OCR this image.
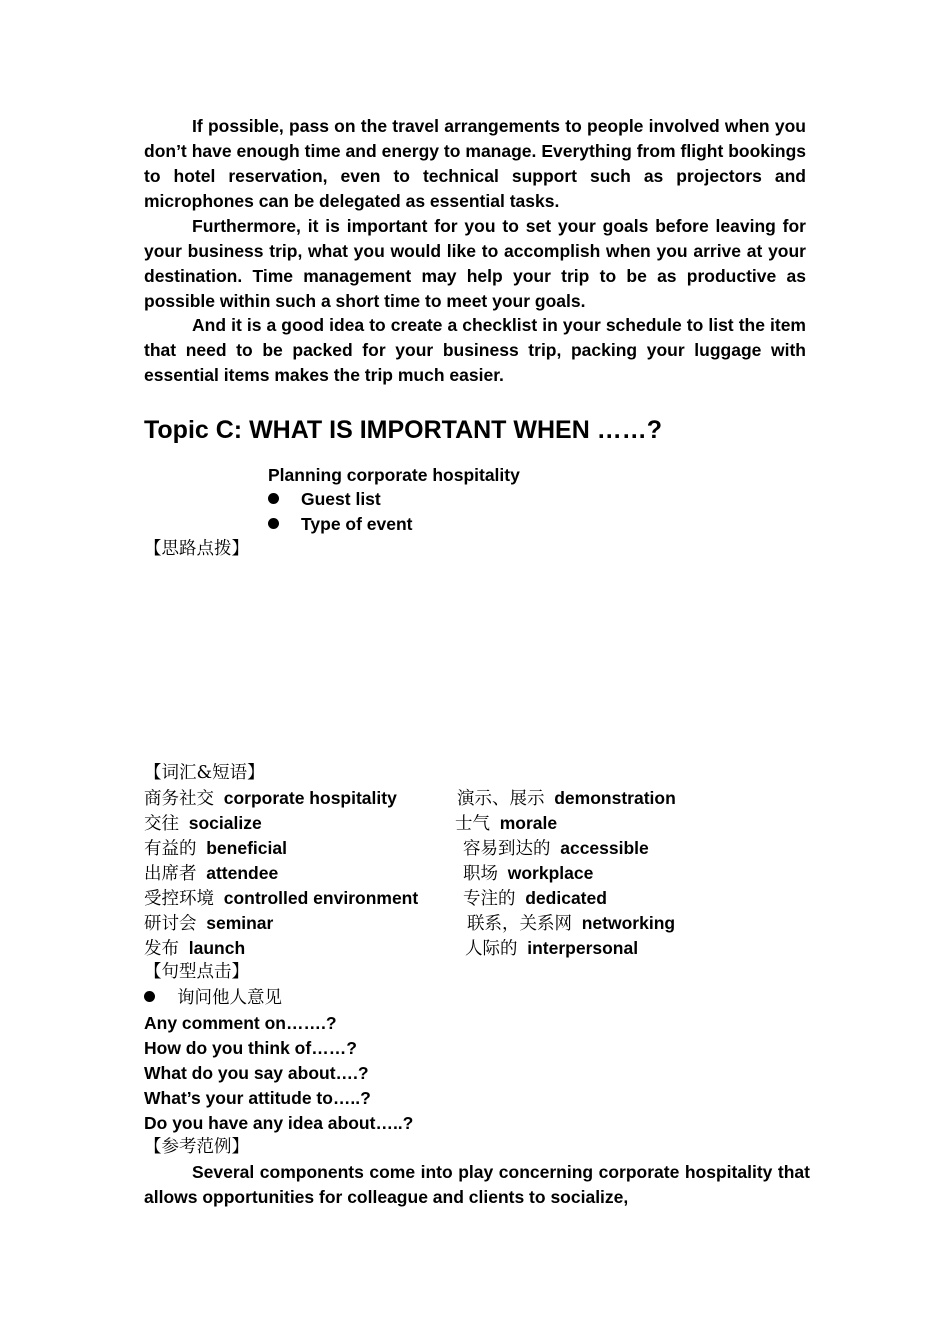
If possible, pass on the travel arrangements to people involved when you don’t have enough time and energy to manage. Everything from flight bookings to hotel reservation, even to technical support such as projectors and microphones can be delegated as essential tasks.

Furthermore, it is important for you to set your goals before leaving for your business trip, what you would like to accomplish when you arrive at your destination. Time management may help your trip to be as productive as possible within such a short time to meet your goals.

And it is a good idea to create a checklist in your schedule to list the item that need to be packed for your business trip, packing your luggage with essential items makes the trip much easier.

Topic C: WHAT IS IMPORTANT WHEN ……?
Planning corporate hospitality
Guest list
Type of event
【思路点拨】
【词汇&短语】
商务社交 corporate hospitality
交往 socialize
有益的 beneficial
出席者 attendee
受控环境 controlled environment
研讨会 seminar
发布 launch
演示、展示 demonstration
士气 morale
容易到达的 accessible
职场 workplace
专注的 dedicated
联系，关系网 networking
人际的 interpersonal
【句型点击】
询问他人意见
Any comment on…….?
How do you think of……?
What do you say about….?
What’s your attitude to…..?
Do you have any idea about…..?
【参考范例】

Several components come into play concerning corporate hospitality that allows opportunities for colleague and clients to socialize,
